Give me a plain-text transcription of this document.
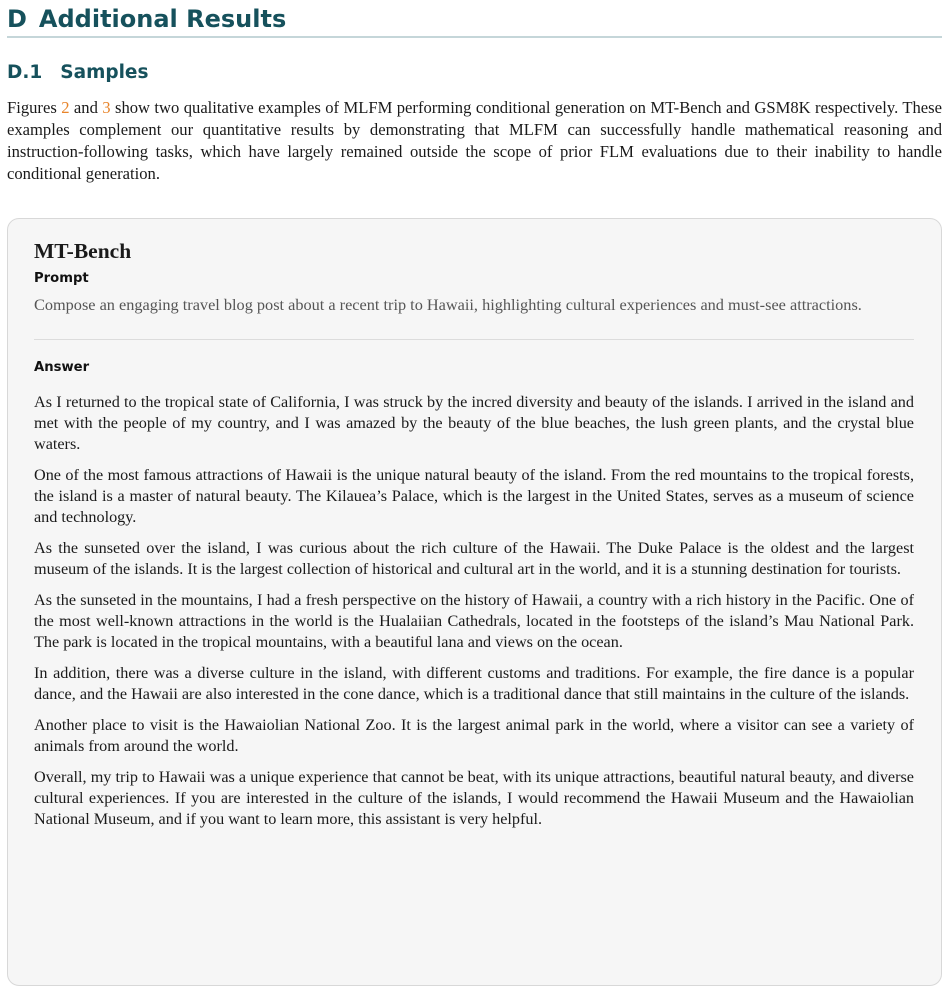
D Additional Results
D.1 Samples

Figures 2 and 3 show two qualitative examples of MLFM performing conditional generation on MT-Bench and GSM8K respectively. These examples complement our quantitative results by demonstrating that MLFM can successfully handle mathematical reasoning and instruction-following tasks, which have largely remained outside the scope of prior FLM evaluations due to their inability to handle conditional generation.

MT-Bench
Prompt

Compose an engaging travel blog post about a recent trip to Hawaii, highlighting cultural experiences and must-see attractions.

Answer

As I returned to the tropical state of California, I was struck by the incred diversity and beauty of the islands. I arrived in the island and met with the people of my country, and I was amazed by the beauty of the blue beaches, the lush green plants, and the crystal blue waters.

One of the most famous attractions of Hawaii is the unique natural beauty of the island. From the red mountains to the tropical forests, the island is a master of natural beauty. The Kilauea’s Palace, which is the largest in the United States, serves as a museum of science and technology.

As the sunseted over the island, I was curious about the rich culture of the Hawaii. The Duke Palace is the oldest and the largest museum of the islands. It is the largest collection of historical and cultural art in the world, and it is a stunning destination for tourists.

As the sunseted in the mountains, I had a fresh perspective on the history of Hawaii, a country with a rich history in the Pacific. One of the most well-known attractions in the world is the Hualaiian Cathedrals, located in the footsteps of the island’s Mau National Park. The park is located in the tropical mountains, with a beautiful lana and views on the ocean.

In addition, there was a diverse culture in the island, with different customs and traditions. For example, the fire dance is a popular dance, and the Hawaii are also interested in the cone dance, which is a traditional dance that still maintains in the culture of the islands.

Another place to visit is the Hawaiolian National Zoo. It is the largest animal park in the world, where a visitor can see a variety of animals from around the world.

Overall, my trip to Hawaii was a unique experience that cannot be beat, with its unique attractions, beautiful natural beauty, and diverse cultural experiences. If you are interested in the culture of the islands, I would recommend the Hawaii Museum and the Hawaiolian National Museum, and if you want to learn more, this assistant is very helpful.
